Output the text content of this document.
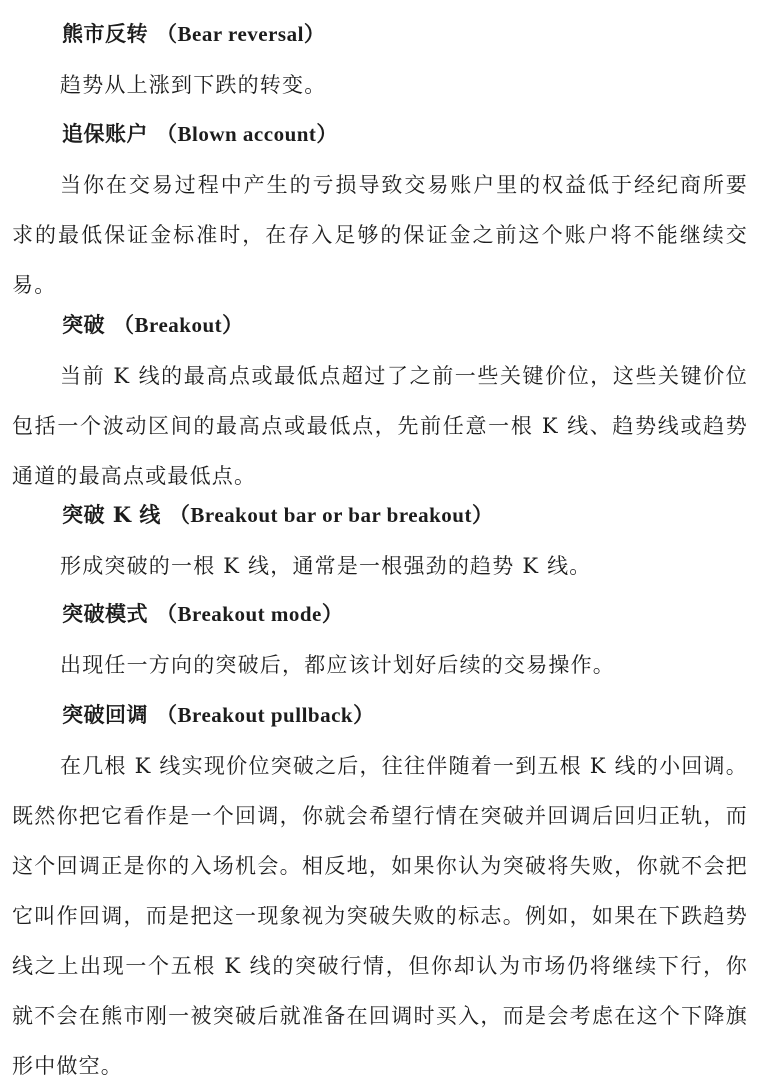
熊市反转 （Bear reversal）
趋势从上涨到下跌的转变。
追保账户 （Blown account）
当你在交易过程中产生的亏损导致交易账户里的权益低于经纪商所要求的最低保证金标准时，在存入足够的保证金之前这个账户将不能继续交易。
突破 （Breakout）
当前 K 线的最高点或最低点超过了之前一些关键价位，这些关键价位包括一个波动区间的最高点或最低点，先前任意一根 K 线、趋势线或趋势通道的最高点或最低点。
突破 K 线 （Breakout bar or bar breakout）
形成突破的一根 K 线，通常是一根强劲的趋势 K 线。
突破模式 （Breakout mode）
出现任一方向的突破后，都应该计划好后续的交易操作。
突破回调 （Breakout pullback）
在几根 K 线实现价位突破之后，往往伴随着一到五根 K 线的小回调。既然你把它看作是一个回调，你就会希望行情在突破并回调后回归正轨，而这个回调正是你的入场机会。相反地，如果你认为突破将失败，你就不会把它叫作回调，而是把这一现象视为突破失败的标志。例如，如果在下跌趋势线之上出现一个五根 K 线的突破行情，但你却认为市场仍将继续下行，你就不会在熊市刚一被突破后就准备在回调时买入，而是会考虑在这个下降旗形中做空。
